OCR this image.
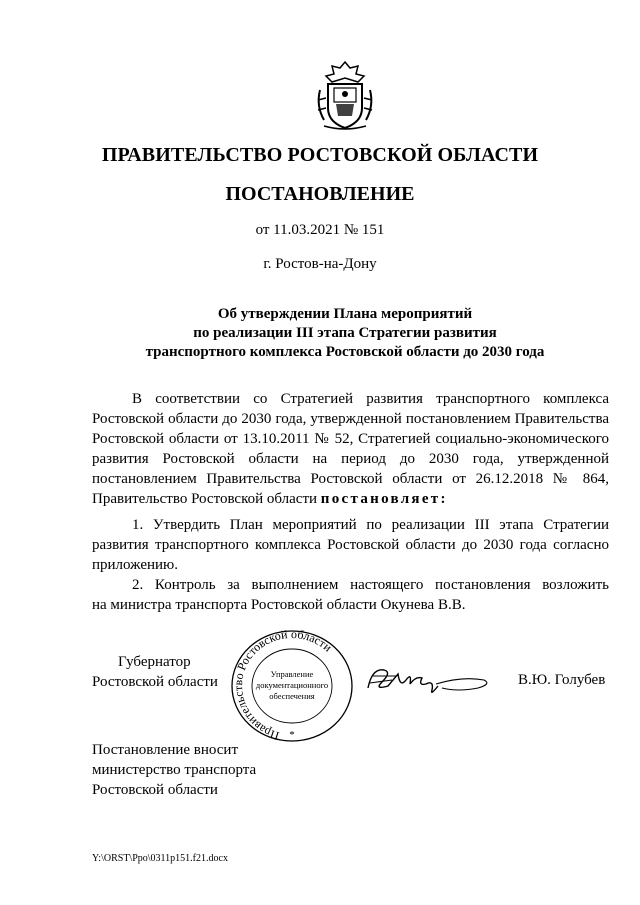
ПРАВИТЕЛЬСТВО РОСТОВСКОЙ ОБЛАСТИ
ПОСТАНОВЛЕНИЕ
от 11.03.2021 № 151
г. Ростов-на-Дону
Об утверждении Плана мероприятий
по реализации III этапа Стратегии развития
транспортного комплекса Ростовской области до 2030 года
В соответствии со Стратегией развития транспортного комплекса
Ростовской области до 2030 года, утвержденной постановлением Правительства
Ростовской области от 13.10.2011 № 52, Стратегией социально-экономического
развития Ростовской области на период до 2030 года, утвержденной
постановлением Правительства Ростовской области от 26.12.2018 № 864,
Правительство Ростовской области постановляет:
1. Утвердить План мероприятий по реализации III этапа Стратегии
развития транспортного комплекса Ростовской области до 2030 года согласно
приложению.
2. Контроль за выполнением настоящего постановления возложить
на министра транспорта Ростовской области Окунева В.В.
Губернатор
Ростовской области
Правительство Ростовской области
Управление
документационного
обеспечения
*
В.Ю. Голубев
Постановление вносит
министерство транспорта
Ростовской области
Y:\ORST\Ppo\0311p151.f21.docx
